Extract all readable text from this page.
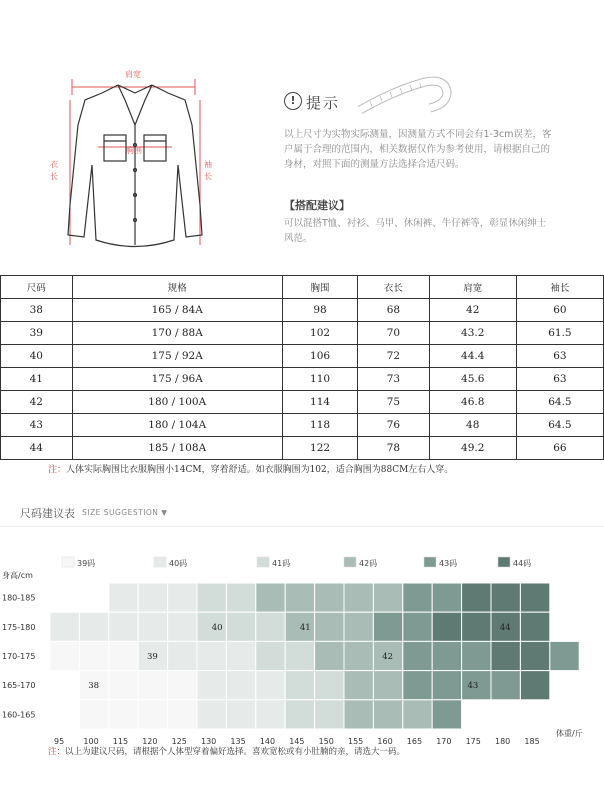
肩宽
衣
长
袖
长
胸围
! 提示
以上尺寸为实物实际测量，因测量方式不同会有1-3cm误差，客户属于合理的范围内，相关数据仅作为参考使用，请根据自己的身材，对照下面的测量方法选择合适尺码。
【搭配建议】
可以混搭T恤、衬衫、马甲、休闲裤、牛仔裤等，彰显休闲绅士风范。
尺码	规格	胸围	衣长	肩宽	袖长
38	165 / 84A	98	68	42	60
39	170 / 88A	102	70	43.2	61.5
40	175 / 92A	106	72	44.4	63
41	175 / 96A	110	73	45.6	63
42	180 / 100A	114	75	46.8	64.5
43	180 / 104A	118	76	48	64.5
44	185 / 108A	122	78	49.2	66
注：人体实际胸围比衣服胸围小14CM，穿着舒适。如衣服胸围为102，适合胸围为88CM左右人穿。
尺码建议表 SIZE SUGGESTION ▼
39码	40码	41码	42码	43码	44码
身高/cm
180-185
175-180
170-175
165-170
160-165
95 100 115 120 125 130 135 140 145 150 155 160 165 170 175 180 185
体重/斤
40	41	44
39	42
38	43
注：以上为建议尺码，请根据个人体型穿着偏好选择。喜欢宽松或有小肚腩的亲，请选大一码。
